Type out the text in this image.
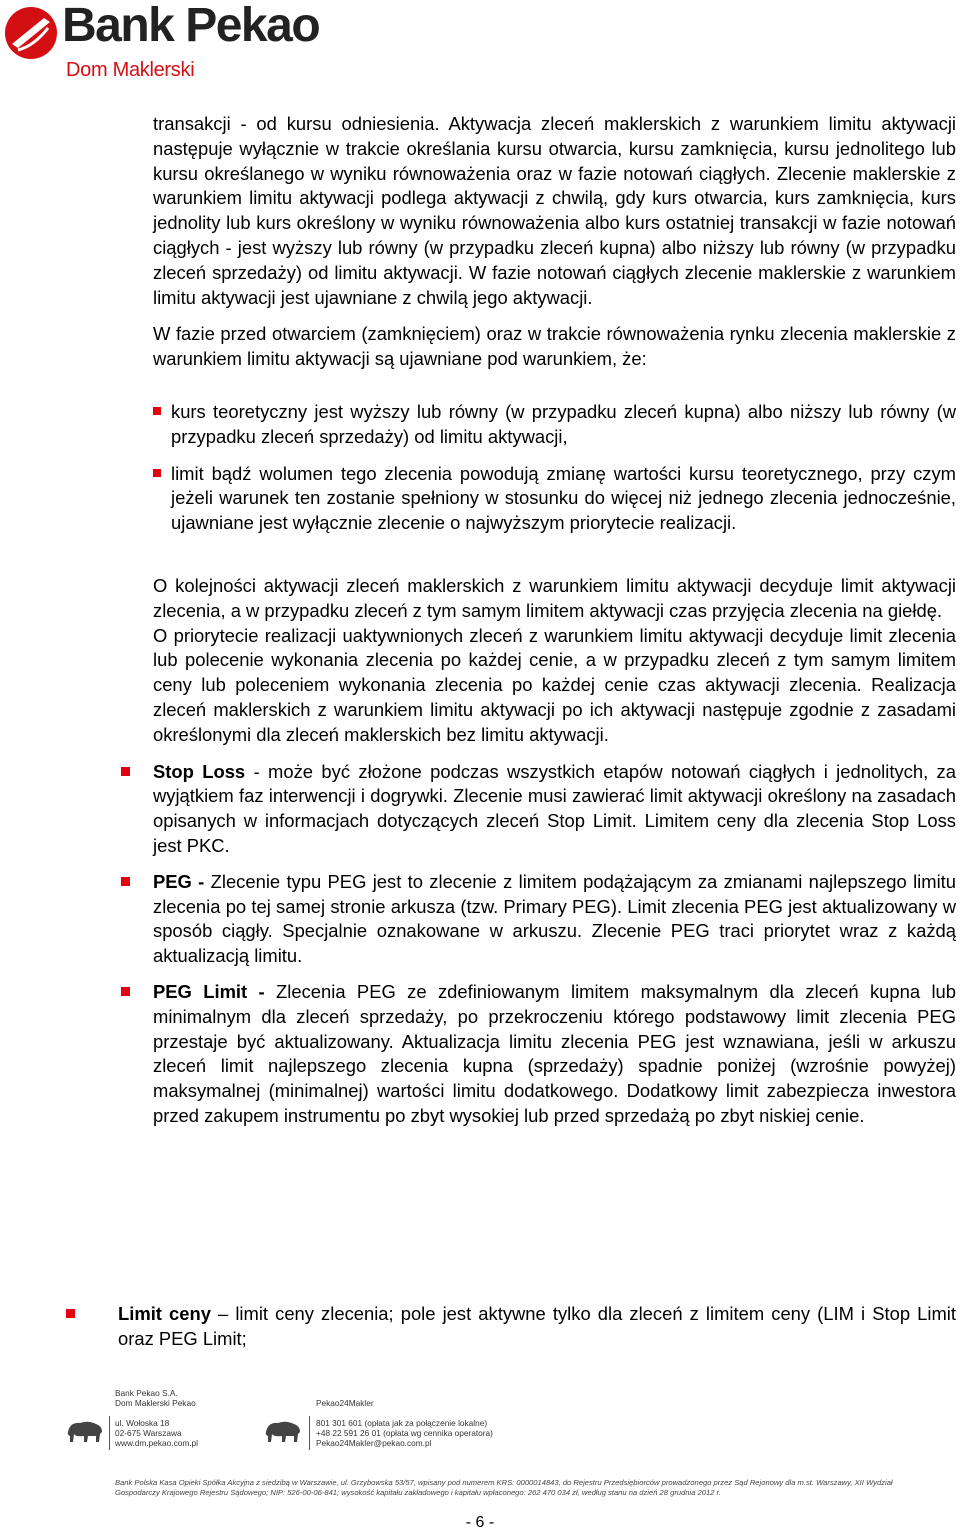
Bank Pekao
Dom Maklerski

transakcji - od kursu odniesienia. Aktywacja zleceń maklerskich z warunkiem limitu aktywacji następuje wyłącznie w trakcie określania kursu otwarcia, kursu zamknięcia, kursu jednolitego lub kursu określanego w wyniku równoważenia oraz w fazie notowań ciągłych. Zlecenie maklerskie z warunkiem limitu aktywacji podlega aktywacji z chwilą, gdy kurs otwarcia, kurs zamknięcia, kurs jednolity lub kurs określony w wyniku równoważenia albo kurs ostatniej transakcji w fazie notowań ciągłych - jest wyższy lub równy (w przypadku zleceń kupna) albo niższy lub równy (w przypadku zleceń sprzedaży) od limitu aktywacji. W fazie notowań ciągłych zlecenie maklerskie z warunkiem limitu aktywacji jest ujawniane z chwilą jego aktywacji.

W fazie przed otwarciem (zamknięciem) oraz w trakcie równoważenia rynku zlecenia maklerskie z warunkiem limitu aktywacji są ujawniane pod warunkiem, że:

kurs teoretyczny jest wyższy lub równy (w przypadku zleceń kupna) albo niższy lub równy (w przypadku zleceń sprzedaży) od limitu aktywacji,
limit bądź wolumen tego zlecenia powodują zmianę wartości kursu teoretycznego, przy czym jeżeli warunek ten zostanie spełniony w stosunku do więcej niż jednego zlecenia jednocześnie, ujawniane jest wyłącznie zlecenie o najwyższym priorytecie realizacji.

O kolejności aktywacji zleceń maklerskich z warunkiem limitu aktywacji decyduje limit aktywacji zlecenia, a w przypadku zleceń z tym samym limitem aktywacji czas przyjęcia zlecenia na giełdę.

O priorytecie realizacji uaktywnionych zleceń z warunkiem limitu aktywacji decyduje limit zlecenia lub polecenie wykonania zlecenia po każdej cenie, a w przypadku zleceń z tym samym limitem ceny lub poleceniem wykonania zlecenia po każdej cenie czas aktywacji zlecenia. Realizacja zleceń maklerskich z warunkiem limitu aktywacji po ich aktywacji następuje zgodnie z zasadami określonymi dla zleceń maklerskich bez limitu aktywacji.

Stop Loss - może być złożone podczas wszystkich etapów notowań ciągłych i jednolitych, za wyjątkiem faz interwencji i dogrywki. Zlecenie musi zawierać limit aktywacji określony na zasadach opisanych w informacjach dotyczących zleceń Stop Limit. Limitem ceny dla zlecenia Stop Loss jest PKC.
PEG - Zlecenie typu PEG jest to zlecenie z limitem podążającym za zmianami najlepszego limitu zlecenia po tej samej stronie arkusza (tzw. Primary PEG). Limit zlecenia PEG jest aktualizowany w sposób ciągły. Specjalnie oznakowane w arkuszu. Zlecenie PEG traci priorytet wraz z każdą aktualizacją limitu.
PEG Limit - Zlecenia PEG ze zdefiniowanym limitem maksymalnym dla zleceń kupna lub minimalnym dla zleceń sprzedaży, po przekroczeniu którego podstawowy limit zlecenia PEG przestaje być aktualizowany. Aktualizacja limitu zlecenia PEG jest wznawiana, jeśli w arkuszu zleceń limit najlepszego zlecenia kupna (sprzedaży) spadnie poniżej (wzrośnie powyżej) maksymalnej (minimalnej) wartości limitu dodatkowego. Dodatkowy limit zabezpiecza inwestora przed zakupem instrumentu po zbyt wysokiej lub przed sprzedażą po zbyt niskiej cenie.
Limit ceny – limit ceny zlecenia; pole jest aktywne tylko dla zleceń z limitem ceny (LIM i Stop Limit oraz PEG Limit;
Bank Pekao S.A.
Dom Maklerski Pekao
ul. Wołoska 18
02-675 Warszawa
www.dm.pekao.com.pl
Pekao24Makler
801 301 601 (opłata jak za połączenie lokalne)
+48 22 591 26 01 (opłata wg cennika operatora)
Pekao24Makler@pekao.com.pl
Bank Polska Kasa Opieki Spółka Akcyjna z siedzibą w Warszawie, ul. Grzybowska 53/57, wpisany pod numerem KRS: 0000014843, do Rejestru Przedsiębiorców prowadzonego przez Sąd Rejonowy dla m.st. Warszawy, XII Wydział Gospodarczy Krajowego Rejestru Sądowego; NIP: 526-00-06-841; wysokość kapitału zakładowego i kapitału wpłaconego: 262 470 034 zł, według stanu na dzień 28 grudnia 2012 r.
- 6 -
